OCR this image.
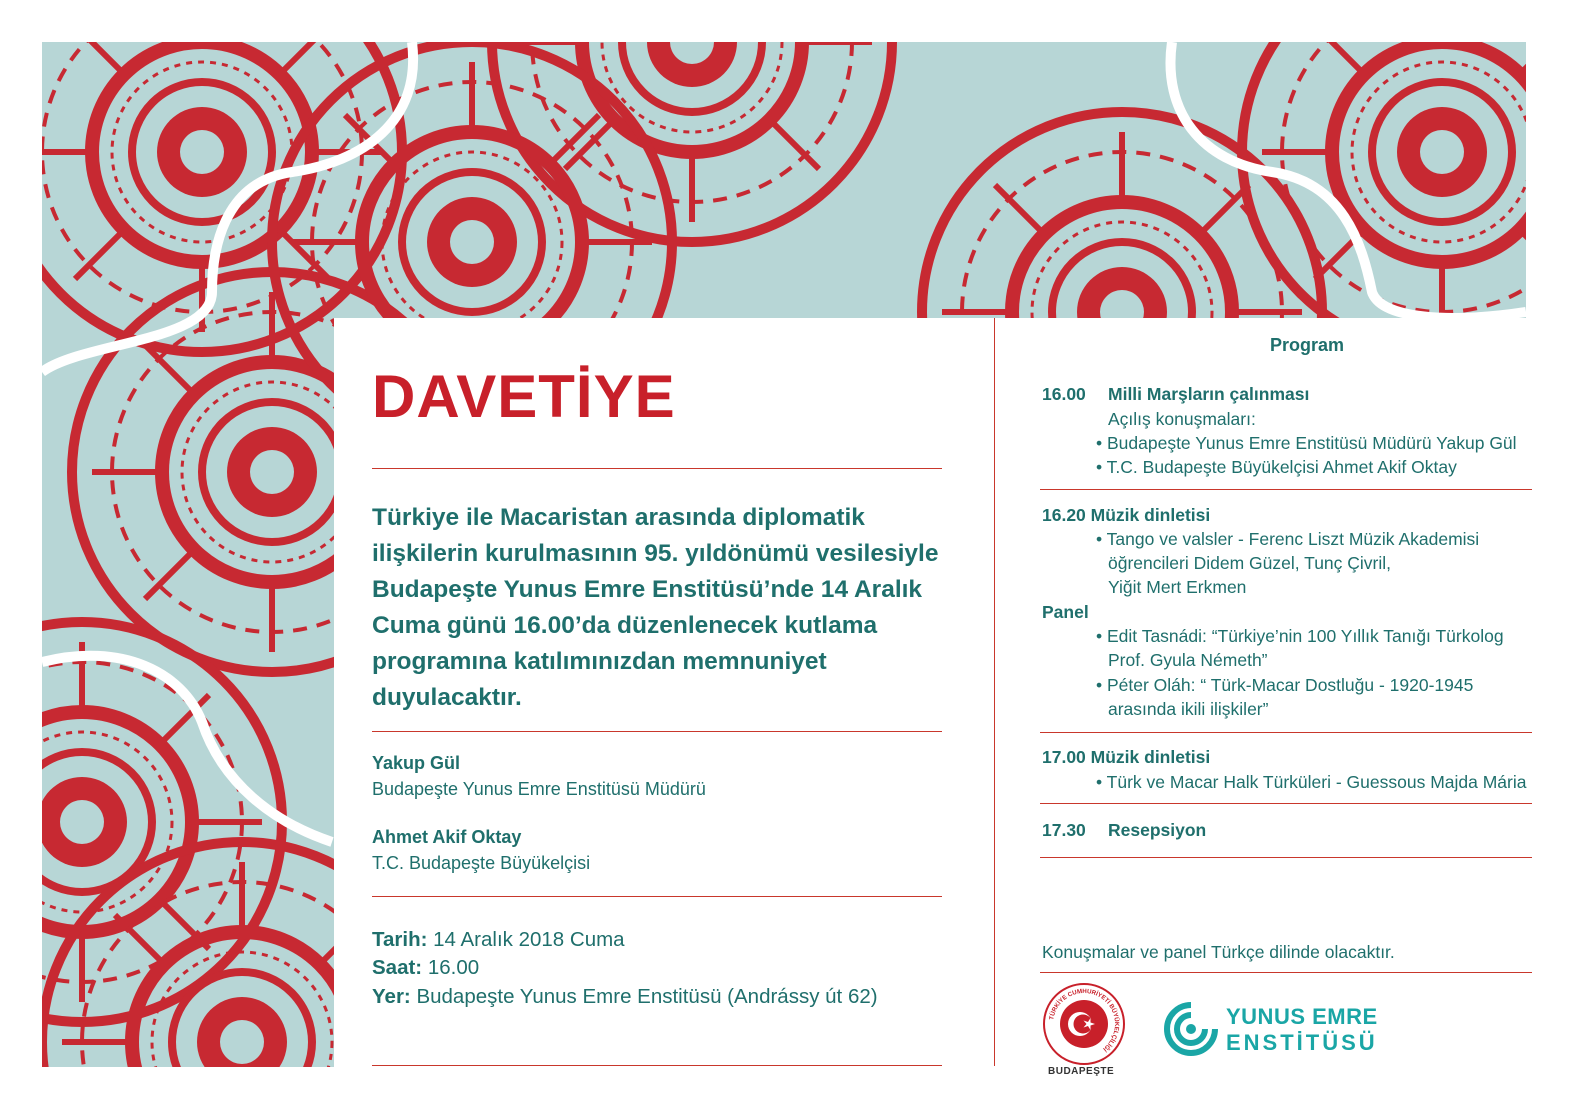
DAVETİYE

Türkiye ile Macaristan arasında diplomatik ilişkilerin kurulmasının 95. yıldönümü vesilesiyle Budapeşte Yunus Emre Enstitüsü’nde 14 Aralık Cuma günü 16.00’da düzenlenecek kutlama programına katılımınızdan memnuniyet duyulacaktır.

Yakup Gül
Budapeşte Yunus Emre Enstitüsü Müdürü
Ahmet Akif Oktay
T.C. Budapeşte Büyükelçisi
Tarih: 14 Aralık 2018 Cuma
Saat: 16.00
Yer: Budapeşte Yunus Emre Enstitüsü (Andrássy út 62)
Program
16.00 Milli Marşların çalınması
Açılış konuşmaları:
• Budapeşte Yunus Emre Enstitüsü Müdürü Yakup Gül
• T.C. Budapeşte Büyükelçisi Ahmet Akif Oktay
16.20 Müzik dinletisi
• Tango ve valsler - Ferenc Liszt Müzik Akademisi
öğrencileri Didem Güzel, Tunç Çivril,
Yiğit Mert Erkmen
Panel
• Edit Tasnádi: “Türkiye’nin 100 Yıllık Tanığı Türkolog
Prof. Gyula Németh”
• Péter Oláh: “ Türk-Macar Dostluğu - 1920-1945
arasında ikili ilişkiler”
17.00 Müzik dinletisi
• Türk ve Macar Halk Türküleri - Guessous Majda Mária
17.30 Resepsiyon
Konuşmalar ve panel Türkçe dilinde olacaktır.
TÜRKİYE CUMHURİYETİ BÜYÜKELÇİLİĞİ
BUDAPEŞTE
YUNUS EMRE
ENSTİTÜSÜ
